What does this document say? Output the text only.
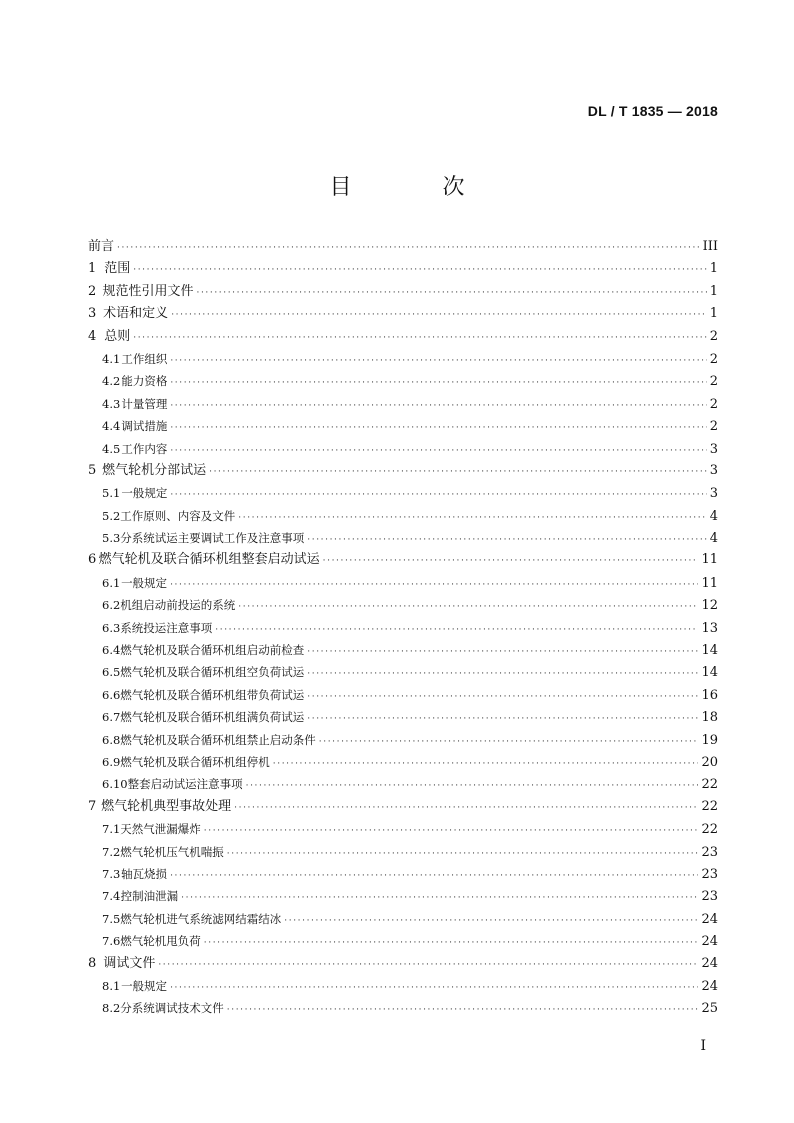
DL / T 1835 — 2018
目 次
前言 ·····	III
1 范围 ·····	1
2 规范性引用文件 ·····	1
3 术语和定义 ·····	1
4 总则 ·····	2
4.1 工作组织 ·····	2
4.2 能力资格 ·····	2
4.3 计量管理 ·····	2
4.4 调试措施 ·····	2
4.5 工作内容 ·····	3
5 燃气轮机分部试运 ·····	3
5.1 一般规定 ·····	3
5.2 工作原则、内容及文件 ·····	4
5.3 分系统试运主要调试工作及注意事项 ·····	4
6 燃气轮机及联合循环机组整套启动试运 ·····	11
6.1 一般规定 ·····	11
6.2 机组启动前投运的系统 ·····	12
6.3 系统投运注意事项 ·····	13
6.4 燃气轮机及联合循环机组启动前检查 ·····	14
6.5 燃气轮机及联合循环机组空负荷试运 ·····	14
6.6 燃气轮机及联合循环机组带负荷试运 ·····	16
6.7 燃气轮机及联合循环机组满负荷试运 ·····	18
6.8 燃气轮机及联合循环机组禁止启动条件 ·····	19
6.9 燃气轮机及联合循环机组停机 ·····	20
6.10 整套启动试运注意事项 ·····	22
7 燃气轮机典型事故处理 ·····	22
7.1 天然气泄漏爆炸 ·····	22
7.2 燃气轮机压气机喘振 ·····	23
7.3 轴瓦烧损 ·····	23
7.4 控制油泄漏 ·····	23
7.5 燃气轮机进气系统滤网结霜结冰 ·····	24
7.6 燃气轮机甩负荷 ·····	24
8 调试文件 ·····	24
8.1 一般规定 ·····	24
8.2 分系统调试技术文件 ·····	25
I
